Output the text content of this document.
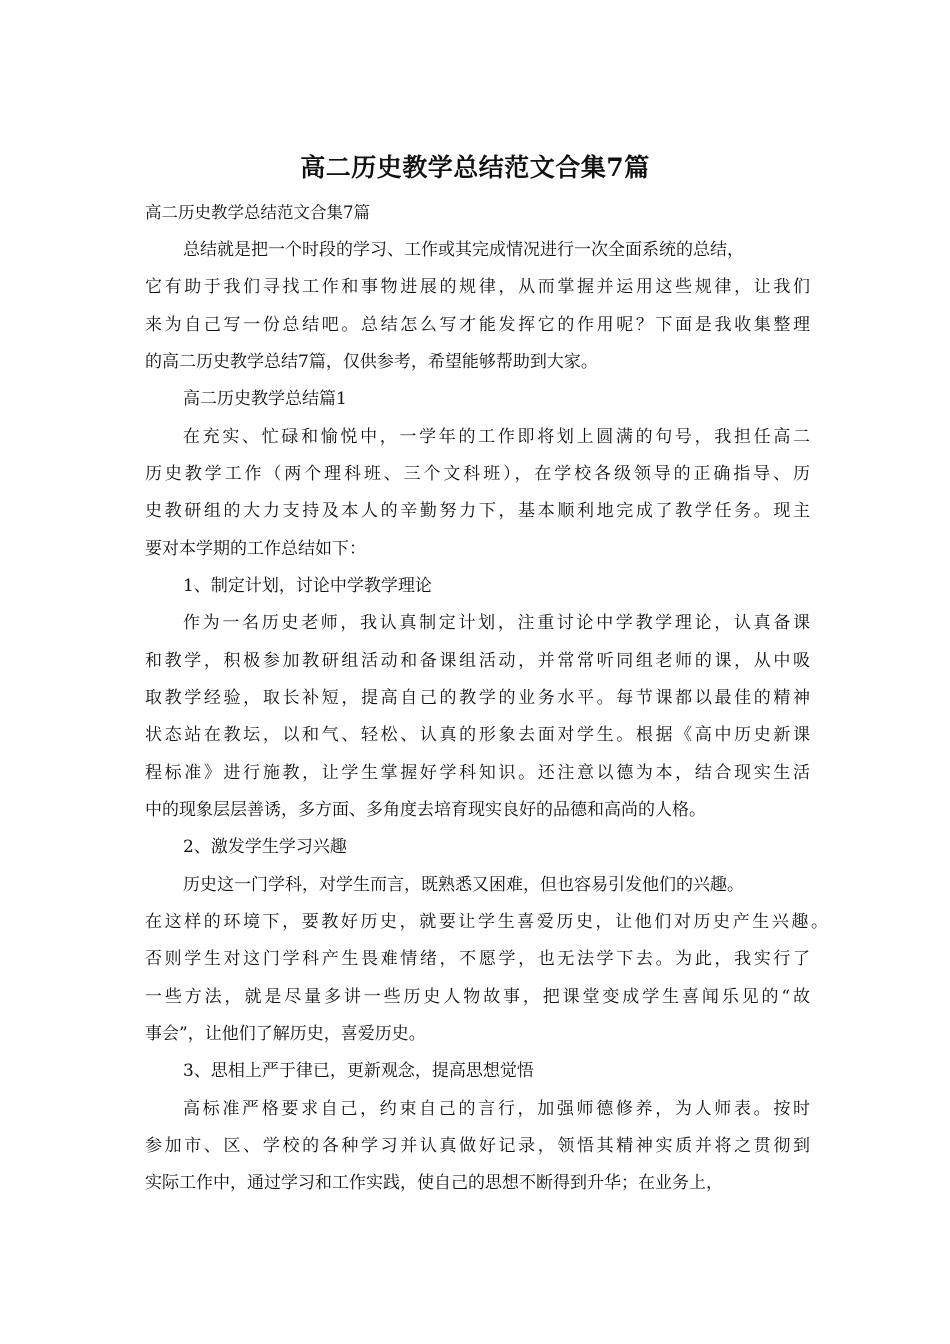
高二历史教学总结范文合集7篇

高二历史教学总结范文合集7篇

总结就是把一个时段的学习、工作或其完成情况进行一次全面系统的总结，

它有助于我们寻找工作和事物进展的规律，从而掌握并运用这些规律，让我们

来为自己写一份总结吧。总结怎么写才能发挥它的作用呢？下面是我收集整理

的高二历史教学总结7篇，仅供参考，希望能够帮助到大家。

高二历史教学总结篇1

在充实、忙碌和愉悦中，一学年的工作即将划上圆满的句号，我担任高二

历史教学工作（两个理科班、三个文科班），在学校各级领导的正确指导、历

史教研组的大力支持及本人的辛勤努力下，基本顺利地完成了教学任务。现主

要对本学期的工作总结如下：

1、制定计划，讨论中学教学理论

作为一名历史老师，我认真制定计划，注重讨论中学教学理论，认真备课

和教学，积极参加教研组活动和备课组活动，并常常听同组老师的课，从中吸

取教学经验，取长补短，提高自己的教学的业务水平。每节课都以最佳的精神

状态站在教坛，以和气、轻松、认真的形象去面对学生。根据《高中历史新课

程标准》进行施教，让学生掌握好学科知识。还注意以德为本，结合现实生活

中的现象层层善诱，多方面、多角度去培育现实良好的品德和高尚的人格。

2、激发学生学习兴趣

历史这一门学科，对学生而言，既熟悉又困难，但也容易引发他们的兴趣。

在这样的环境下，要教好历史，就要让学生喜爱历史，让他们对历史产生兴趣。

否则学生对这门学科产生畏难情绪，不愿学，也无法学下去。为此，我实行了

一些方法，就是尽量多讲一些历史人物故事，把课堂变成学生喜闻乐见的“故

事会”，让他们了解历史，喜爱历史。

3、思相上严于律已，更新观念，提高思想觉悟

高标准严格要求自己，约束自己的言行，加强师德修养，为人师表。按时

参加市、区、学校的各种学习并认真做好记录，领悟其精神实质并将之贯彻到

实际工作中，通过学习和工作实践，使自己的思想不断得到升华；在业务上，
